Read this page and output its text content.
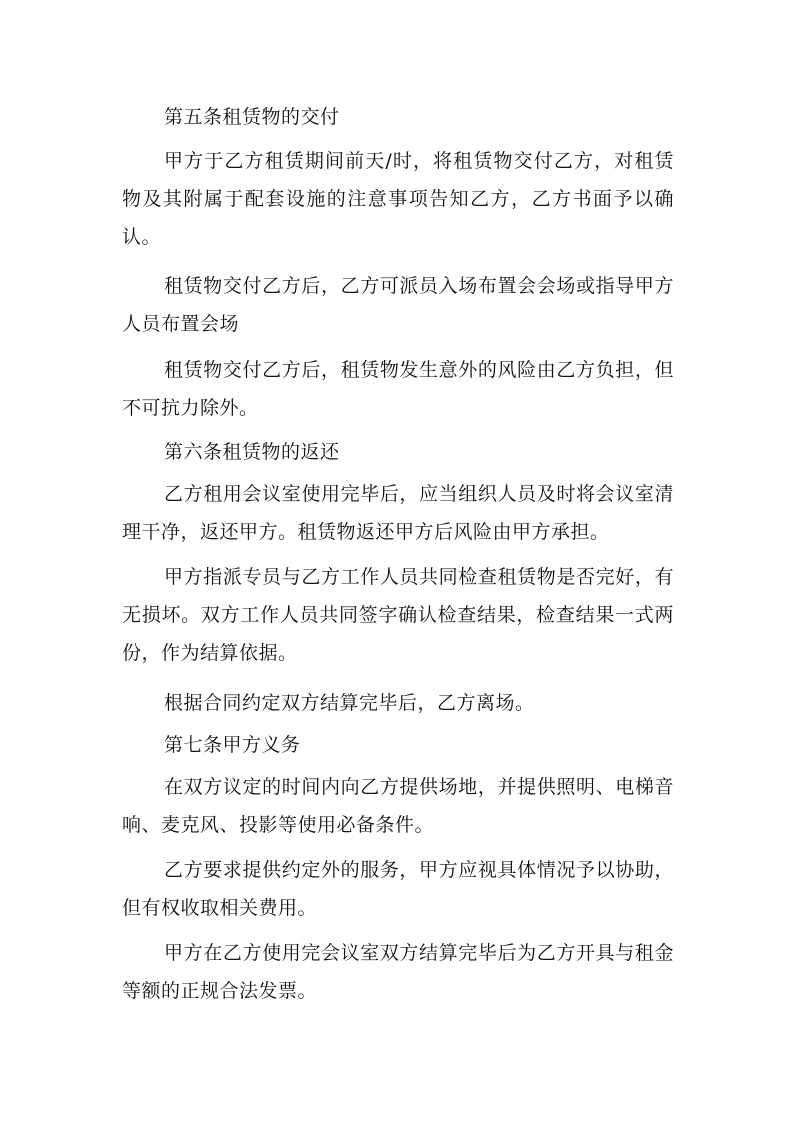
第五条租赁物的交付

甲方于乙方租赁期间前天/时，将租赁物交付乙方，对租赁物及其附属于配套设施的注意事项告知乙方，乙方书面予以确认。

租赁物交付乙方后，乙方可派员入场布置会会场或指导甲方人员布置会场

租赁物交付乙方后，租赁物发生意外的风险由乙方负担，但不可抗力除外。

第六条租赁物的返还

乙方租用会议室使用完毕后，应当组织人员及时将会议室清理干净，返还甲方。租赁物返还甲方后风险由甲方承担。

甲方指派专员与乙方工作人员共同检查租赁物是否完好，有无损坏。双方工作人员共同签字确认检查结果，检查结果一式两份，作为结算依据。

根据合同约定双方结算完毕后，乙方离场。

第七条甲方义务

在双方议定的时间内向乙方提供场地，并提供照明、电梯音响、麦克风、投影等使用必备条件。

乙方要求提供约定外的服务，甲方应视具体情况予以协助，但有权收取相关费用。

甲方在乙方使用完会议室双方结算完毕后为乙方开具与租金等额的正规合法发票。
